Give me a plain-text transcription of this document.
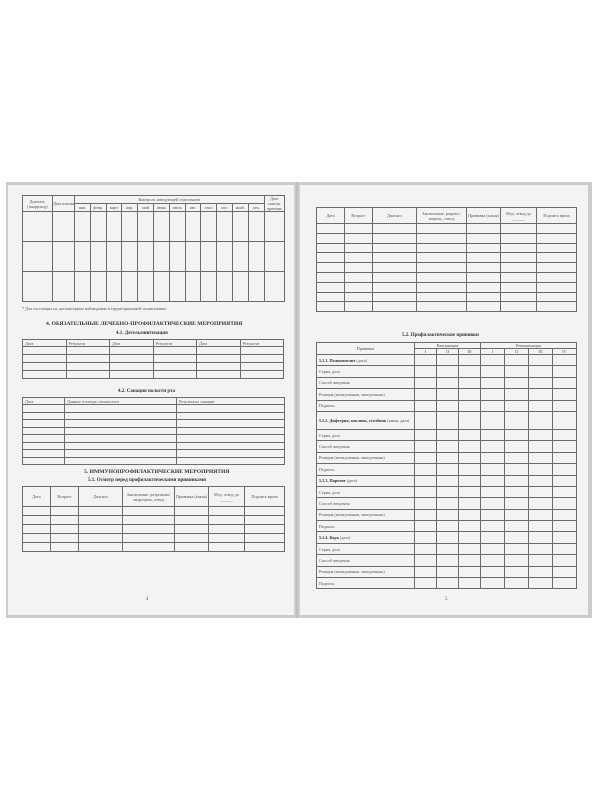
Диагноз, (шифр/код)	Дата взятия	Контроль заведующей отделением												Дата снятия, причина
		янв.	февр.	март	апр.	май	июнь	июль	авг.	сент.	окт.	нояб.	дек.	

* Для состоящих на диспансерном наблюдении в территориальной поликлинике.
4. ОБЯЗАТЕЛЬНЫЕ ЛЕЧЕБНО-ПРОФИЛАКТИЧЕСКИЕ МЕРОПРИЯТИЯ
4.1. Дегельминтизация
Дата	Результат	Дата	Результат	Дата	Результат

4.2. Санация полости рта
Дата	Данные осмотра стоматолога	Результаты санации

5. ИММУНОПРОФИЛАКТИЧЕСКИЕ МЕРОПРИЯТИЯ
5.1. Осмотр перед профилактическими прививками
Дата	Возраст	Диагноз	Заключение: разрешено/запрещено, отвод	Прививка (какая)	Мед. отвод до ______	Подпись врача

4
Дата	Возраст	Диагноз	Заключение: разреш./запрещ., отвод	Прививка (какая)	Мед. отвод до ______	Подпись врача

5.2. Профилактические прививки
Прививка	Вакцинация			Ревакцинация			
	I	II	III	I	II	III	IV
5.2.1. Полиомиелит (дата)							
Серия, доза							
Способ введения							
Реакция (немедленная, замедленная)							
Подпись							
5.2.2. Дифтерия, коклюш, столбняк (какая, дата)							
Серия, доза							
Способ введения							
Реакция (немедленная, замедленная)							
Подпись							
5.2.3. Паротит (дата)							
Серия, доза							
Способ введения							
Реакция (немедленная, замедленная)							
Подпись							
5.2.4. Корь (дата)							
Серия, доза							
Способ введения							
Реакция (немедленная, замедленная)							
Подпись							
5
